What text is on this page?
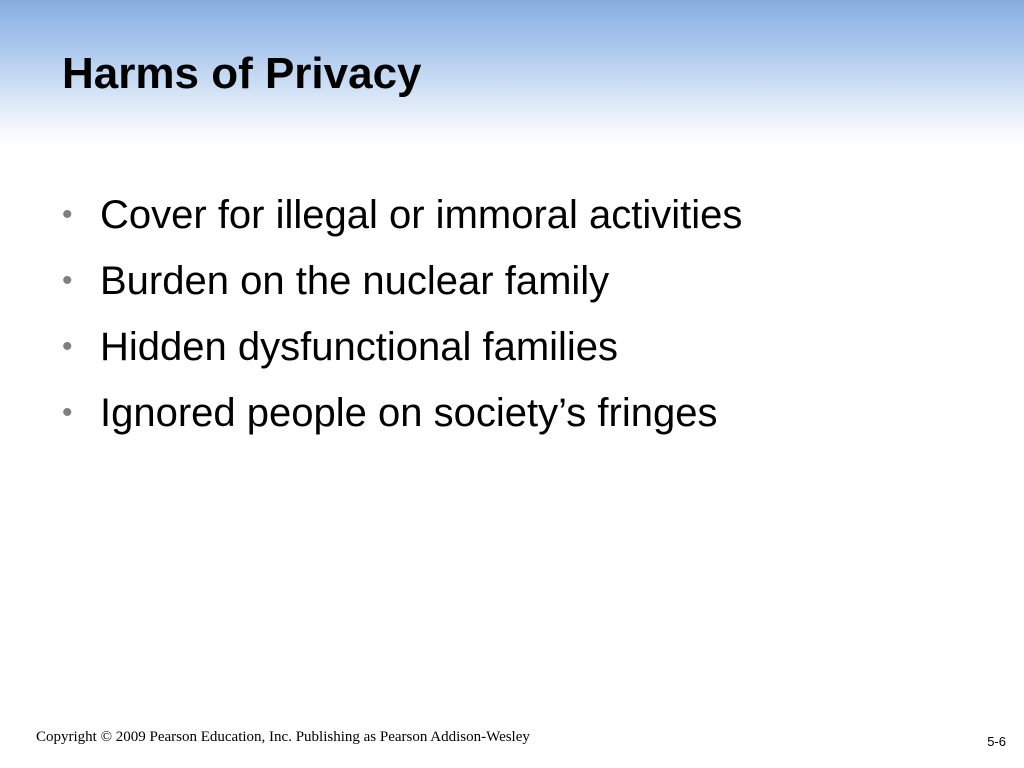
Harms of Privacy
• Cover for illegal or immoral activities
• Burden on the nuclear family
• Hidden dysfunctional families
• Ignored people on society’s fringes
Copyright © 2009 Pearson Education, Inc. Publishing as Pearson Addison-Wesley	5-6
